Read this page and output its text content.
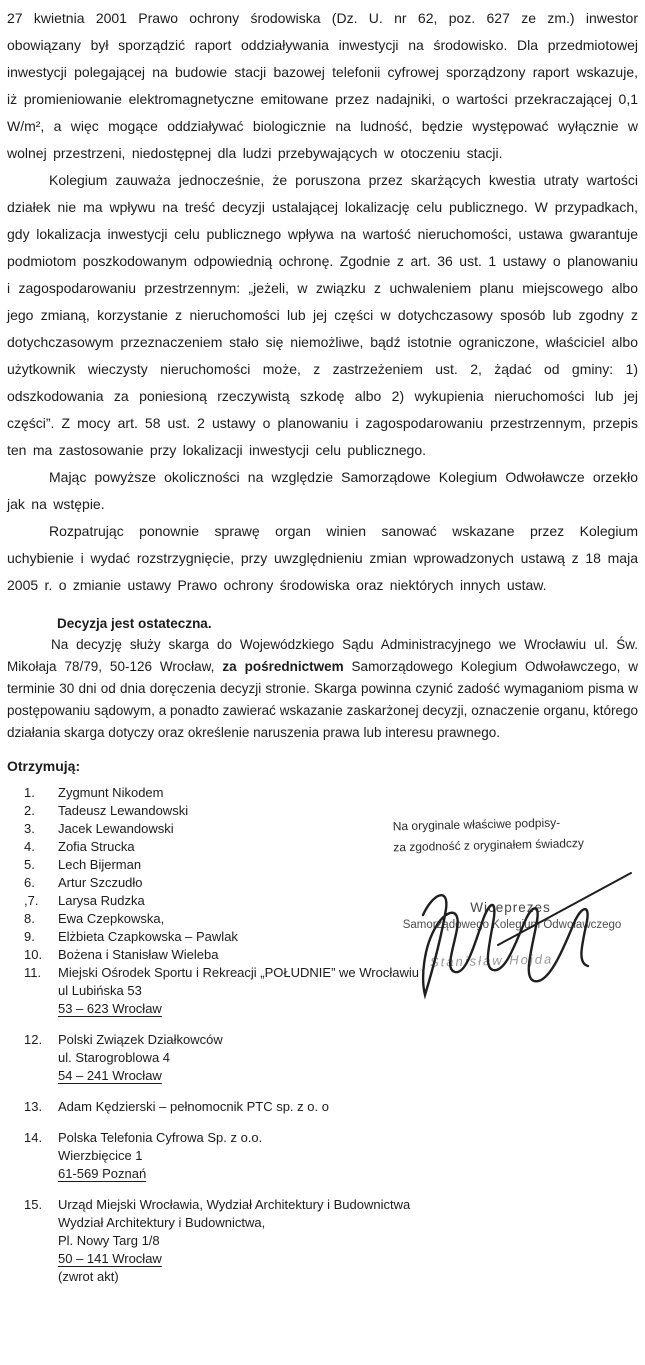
27 kwietnia 2001 Prawo ochrony środowiska (Dz. U. nr 62, poz. 627 ze zm.) inwestor obowiązany był sporządzić raport oddziaływania inwestycji na środowisko. Dla przedmiotowej inwestycji polegającej na budowie stacji bazowej telefonii cyfrowej sporządzony raport wskazuje, iż promieniowanie elektromagnetyczne emitowane przez nadajniki, o wartości przekraczającej 0,1 W/m², a więc mogące oddziaływać biologicznie na ludność, będzie występować wyłącznie w wolnej przestrzeni, niedostępnej dla ludzi przebywających w otoczeniu stacji.

Kolegium zauważa jednocześnie, że poruszona przez skarżących kwestia utraty wartości działek nie ma wpływu na treść decyzji ustalającej lokalizację celu publicznego. W przypadkach, gdy lokalizacja inwestycji celu publicznego wpływa na wartość nieruchomości, ustawa gwarantuje podmiotom poszkodowanym odpowiednią ochronę. Zgodnie z art. 36 ust. 1 ustawy o planowaniu i zagospodarowaniu przestrzennym: „jeżeli, w związku z uchwaleniem planu miejscowego albo jego zmianą, korzystanie z nieruchomości lub jej części w dotychczasowy sposób lub zgodny z dotychczasowym przeznaczeniem stało się niemożliwe, bądź istotnie ograniczone, właściciel albo użytkownik wieczysty nieruchomości może, z zastrzeżeniem ust. 2, żądać od gminy: 1) odszkodowania za poniesioną rzeczywistą szkodę albo 2) wykupienia nieruchomości lub jej części”. Z mocy art. 58 ust. 2 ustawy o planowaniu i zagospodarowaniu przestrzennym, przepis ten ma zastosowanie przy lokalizacji inwestycji celu publicznego.

Mając powyższe okoliczności na względzie Samorządowe Kolegium Odwoławcze orzekło jak na wstępie.

Rozpatrując ponownie sprawę organ winien sanować wskazane przez Kolegium uchybienie i wydać rozstrzygnięcie, przy uwzględnieniu zmian wprowadzonych ustawą z 18 maja 2005 r. o zmianie ustawy Prawo ochrony środowiska oraz niektórych innych ustaw.

Decyzja jest ostateczna.

Na decyzję służy skarga do Wojewódzkiego Sądu Administracyjnego we Wrocławiu ul. Św. Mikołaja 78/79, 50-126 Wrocław, za pośrednictwem Samorządowego Kolegium Odwoławczego, w terminie 30 dni od dnia doręczenia decyzji stronie. Skarga powinna czynić zadość wymaganiom pisma w postępowaniu sądowym, a ponadto zawierać wskazanie zaskarżonej decyzji, oznaczenie organu, którego działania skarga dotyczy oraz określenie naruszenia prawa lub interesu prawnego.

Otrzymują:

1.	Zygmunt Nikodem
2.	Tadeusz Lewandowski
3.	Jacek Lewandowski
4.	Zofia Strucka
5.	Lech Bijerman
6.	Artur Szczudło
,7.	Larysa Rudzka
8.	Ewa Czepkowska,
9.	Elżbieta Czapkowska – Pawlak
10.	Bożena i Stanisław Wieleba
11.	Miejski Ośrodek Sportu i Rekreacji „POŁUDNIE” we Wrocławiu
ul Lubińska 53
53 – 623 Wrocław
12.	Polski Związek Działkowców
ul. Starogroblowa 4
54 – 241 Wrocław
13.	Adam Kędzierski – pełnomocnik PTC sp. z o. o
14.	Polska Telefonia Cyfrowa Sp. z o.o.
Wierzbięcice 1
61-569 Poznań
15.	Urząd Miejski Wrocławia, Wydział Architektury i Budownictwa
Wydział Architektury i Budownictwa,
Pl. Nowy Targ 1/8
50 – 141 Wrocław
(zwrot akt)
Na oryginale właściwe podpisy-
za zgodność z oryginałem świadczy
Wiceprezes
Samorządowego Kolegium Odwoławczego
Stanisław Hojda
